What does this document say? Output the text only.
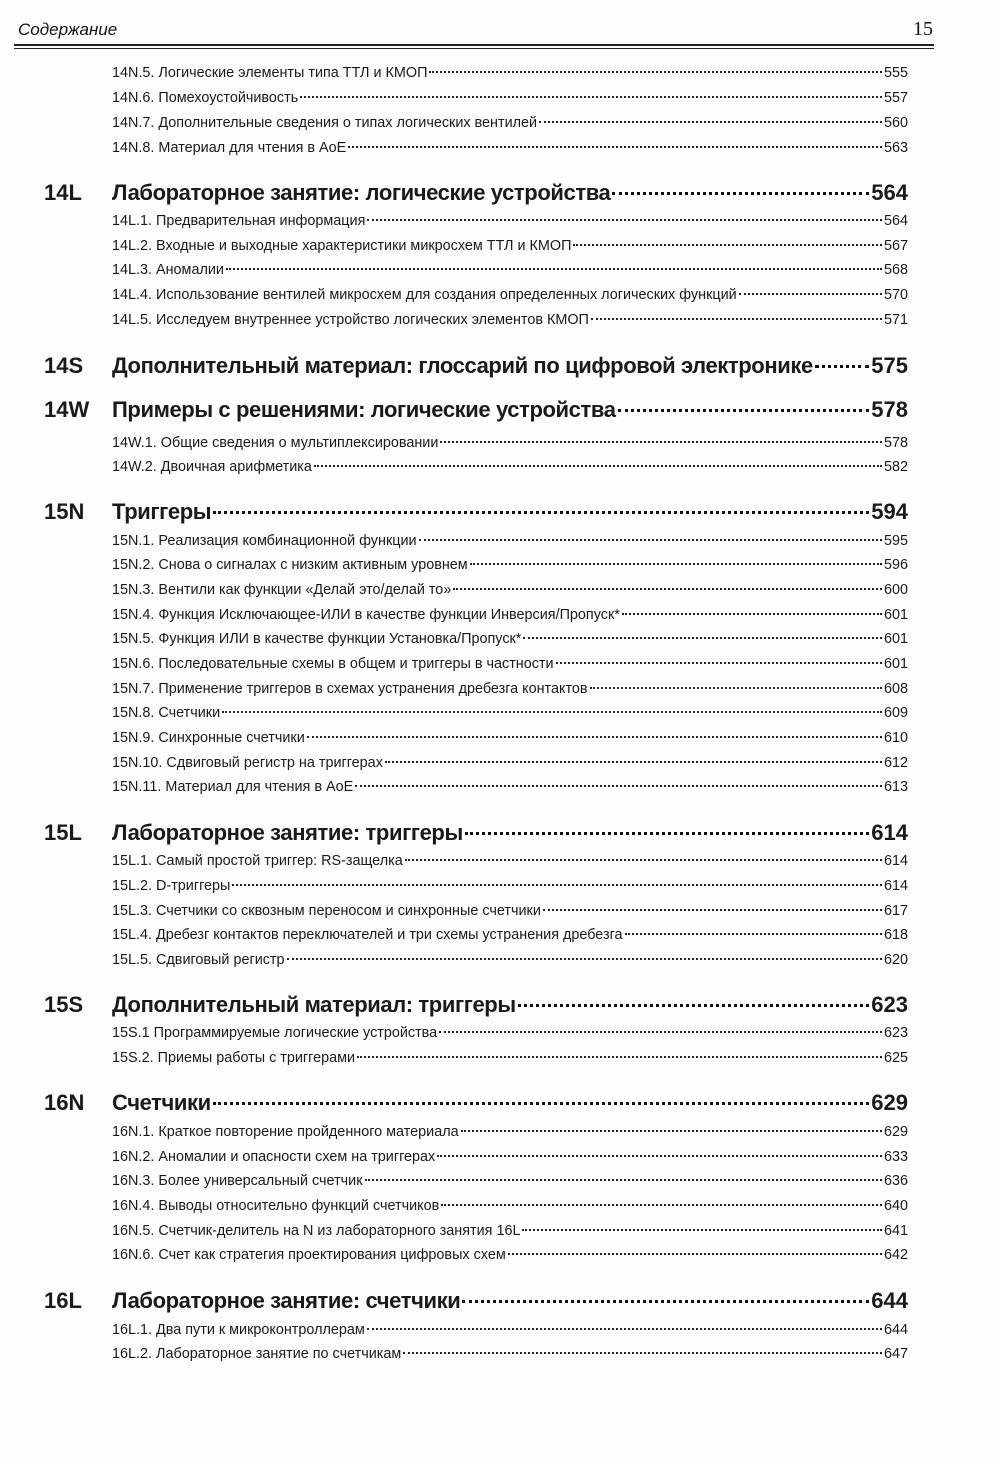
Содержание	15
14N.5. Логические элементы типа ТТЛ и КМОП	555
14N.6. Помехоустойчивость	557
14N.7. Дополнительные сведения о типах логических вентилей	560
14N.8. Материал для чтения в AoE	563
14L	Лабораторное занятие: логические устройства	564
14L.1. Предварительная информация	564
14L.2. Входные и выходные характеристики микросхем ТТЛ и КМОП	567
14L.3. Аномалии	568
14L.4. Использование вентилей микросхем для создания определенных логических функций	570
14L.5. Исследуем внутреннее устройство логических элементов КМОП	571
14S	Дополнительный материал: глоссарий по цифровой электронике	575
14W	Примеры с решениями: логические устройства	578
14W.1. Общие сведения о мультиплексировании	578
14W.2. Двоичная арифметика	582
15N	Триггеры	594
15N.1. Реализация комбинационной функции	595
15N.2. Снова о сигналах с низким активным уровнем	596
15N.3. Вентили как функции «Делай это/делай то»	600
15N.4. Функция Исключающее-ИЛИ в качестве функции Инверсия/Пропуск*	601
15N.5. Функция ИЛИ в качестве функции Установка/Пропуск*	601
15N.6. Последовательные схемы в общем и триггеры в частности	601
15N.7. Применение триггеров в схемах устранения дребезга контактов	608
15N.8. Счетчики	609
15N.9. Синхронные счетчики	610
15N.10. Сдвиговый регистр на триггерах	612
15N.11. Материал для чтения в AoE	613
15L	Лабораторное занятие: триггеры	614
15L.1. Самый простой триггер: RS-защелка	614
15L.2. D-триггеры	614
15L.3. Счетчики со сквозным переносом и синхронные счетчики	617
15L.4. Дребезг контактов переключателей и три схемы устранения дребезга	618
15L.5. Сдвиговый регистр	620
15S	Дополнительный материал: триггеры	623
15S.1 Программируемые логические устройства	623
15S.2. Приемы работы с триггерами	625
16N	Счетчики	629
16N.1. Краткое повторение пройденного материала	629
16N.2. Аномалии и опасности схем на триггерах	633
16N.3. Более универсальный счетчик	636
16N.4. Выводы относительно функций счетчиков	640
16N.5. Счетчик-делитель на N из лабораторного занятия 16L	641
16N.6. Счет как стратегия проектирования цифровых схем	642
16L	Лабораторное занятие: счетчики	644
16L.1. Два пути к микроконтроллерам	644
16L.2. Лабораторное занятие по счетчикам	647
